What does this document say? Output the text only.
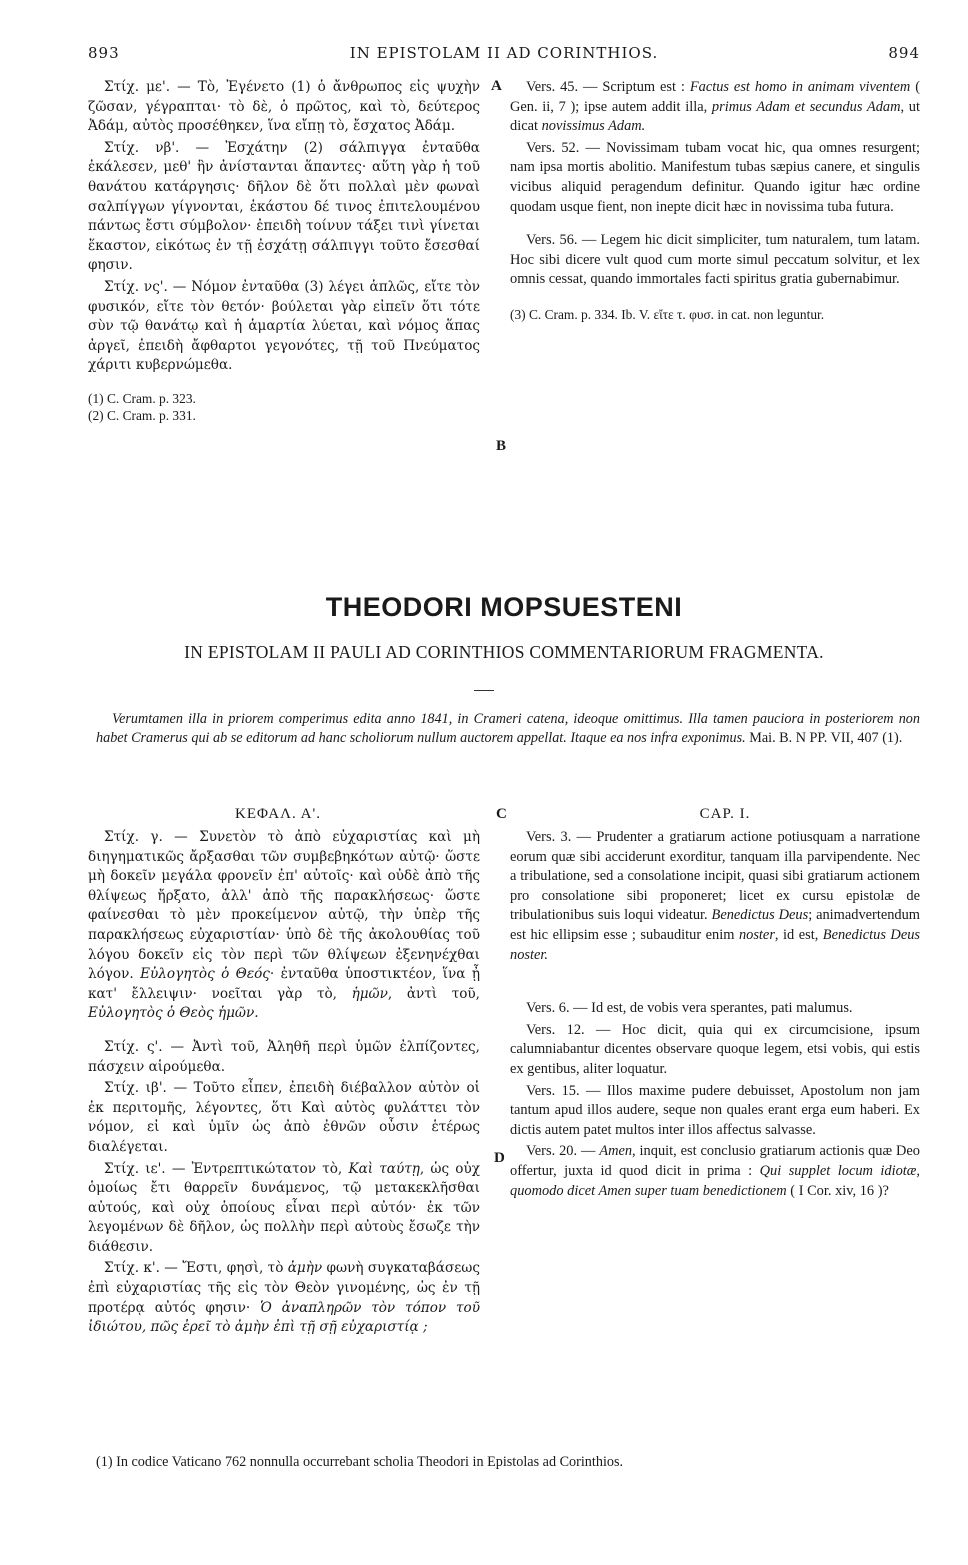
893	IN EPISTOLAM II AD CORINTHIOS.	894

Στίχ. με'. — Τὸ, Ἐγένετο (1) ὁ ἄνθρωπος εἰς ψυχὴν ζῶσαν, γέγραπται· τὸ δὲ, ὁ πρῶτος, καὶ τὸ, δεύτερος Ἀδάμ, αὐτὸς προσέθηκεν, ἵνα εἴπῃ τὸ, ἔσχατος Ἀδάμ.

Στίχ. νβ'. — Ἐσχάτην (2) σάλπιγγα ἐνταῦθα ἐκάλεσεν, μεθ' ἣν ἀνίστανται ἅπαντες· αὕτη γὰρ ἡ τοῦ θανάτου κατάργησις· δῆλον δὲ ὅτι πολλαὶ μὲν φωναὶ σαλπίγγων γίγνονται, ἑκάστου δέ τινος ἐπιτελουμένου πάντως ἔστι σύμβολον· ἐπειδὴ τοίνυν τάξει τινὶ γίνεται ἕκαστον, εἰκότως ἐν τῇ ἐσχάτῃ σάλπιγγι τοῦτο ἔσεσθαί φησιν.

Στίχ. νς'. — Νόμον ἐνταῦθα (3) λέγει ἁπλῶς, εἴτε τὸν φυσικόν, εἴτε τὸν θετόν· βούλεται γὰρ εἰπεῖν ὅτι τότε σὺν τῷ θανάτῳ καὶ ἡ ἁμαρτία λύεται, καὶ νόμος ἅπας ἀργεῖ, ἐπειδὴ ἄφθαρτοι γεγονότες, τῇ τοῦ Πνεύματος χάριτι κυβερνώμεθα.

(1) C. Cram. p. 323.
(2) C. Cram. p. 331.
A
B

Vers. 45. — Scriptum est : Factus est homo in animam viventem ( Gen. ii, 7 ); ipse autem addit illa, primus Adam et secundus Adam, ut dicat novissimus Adam.

Vers. 52. — Novissimam tubam vocat hic, qua omnes resurgent; nam ipsa mortis abolitio. Manifestum tubas sæpius canere, et singulis vicibus aliquid peragendum definitur. Quando igitur hæc ordine quodam usque fient, non inepte dicit hæc in novissima tuba futura.

Vers. 56. — Legem hic dicit simpliciter, tum naturalem, tum latam. Hoc sibi dicere vult quod cum morte simul peccatum solvitur, et lex omnis cessat, quando immortales facti spiritus gratia gubernabimur.

(3) C. Cram. p. 334. Ib. V. εἴτε τ. φυσ. in cat. non leguntur.
THEODORI MOPSUESTENI
IN EPISTOLAM II PAULI AD CORINTHIOS COMMENTARIORUM FRAGMENTA.
Verumtamen illa in priorem comperimus edita anno 1841, in Crameri catena, ideoque omittimus. Illa tamen pauciora in posteriorem non habet Cramerus qui ab se editorum ad hanc scholiorum nullum auctorem appellat. Itaque ea nos infra exponimus. Mai. B. N PP. VII, 407 (1).
ΚΕΦΑΛ. Α'.	C	CAP. I.

Στίχ. γ. — Συνετὸν τὸ ἀπὸ εὐχαριστίας καὶ μὴ διηγηματικῶς ἄρξασθαι τῶν συμβεβηκότων αὐτῷ· ὥστε μὴ δοκεῖν μεγάλα φρονεῖν ἐπ' αὐτοῖς· καὶ οὐδὲ ἀπὸ τῆς θλίψεως ἤρξατο, ἀλλ' ἀπὸ τῆς παρακλήσεως· ὥστε φαίνεσθαι τὸ μὲν προκείμενον αὐτῷ, τὴν ὑπὲρ τῆς παρακλήσεως εὐχαριστίαν· ὑπὸ δὲ τῆς ἀκολουθίας τοῦ λόγου δοκεῖν εἰς τὸν περὶ τῶν θλίψεων ἐξενηνέχθαι λόγον. Εὐλογητὸς ὁ Θεός· ἐνταῦθα ὑποστικτέον, ἵνα ᾖ κατ' ἔλλειψιν· νοεῖται γὰρ τὸ, ἡμῶν, ἀντὶ τοῦ, Εὐλογητὸς ὁ Θεὸς ἡμῶν.

Στίχ. ς'. — Ἀντὶ τοῦ, Ἀληθῆ περὶ ὑμῶν ἐλπίζοντες, πάσχειν αἱρούμεθα.

Στίχ. ιβ'. — Τοῦτο εἶπεν, ἐπειδὴ διέβαλλον αὐτὸν οἱ ἐκ περιτομῆς, λέγοντες, ὅτι Καὶ αὐτὸς φυλάττει τὸν νόμον, εἰ καὶ ὑμῖν ὡς ἀπὸ ἐθνῶν οὖσιν ἑτέρως διαλέγεται.

Στίχ. ιε'. — Ἐντρεπτικώτατον τὸ, Καὶ ταύτῃ, ὡς οὐχ ὁμοίως ἔτι θαρρεῖν δυνάμενος, τῷ μετακεκλῆσθαι αὐτούς, καὶ οὐχ ὁποίους εἶναι περὶ αὐτόν· ἐκ τῶν λεγομένων δὲ δῆλον, ὡς πολλὴν περὶ αὐτοὺς ἔσωζε τὴν διάθεσιν.

Στίχ. κ'. — Ἔστι, φησὶ, τὸ ἀμὴν φωνὴ συγκαταβάσεως ἐπὶ εὐχαριστίας τῆς εἰς τὸν Θεὸν γινομένης, ὡς ἐν τῇ προτέρᾳ αὐτός φησιν· Ὁ ἀναπληρῶν τὸν τόπον τοῦ ἰδιώτου, πῶς ἐρεῖ τὸ ἀμὴν ἐπὶ τῇ σῇ εὐχαριστίᾳ ;

D

Vers. 3. — Prudenter a gratiarum actione potiusquam a narratione eorum quæ sibi acciderunt exorditur, tanquam illa parvipendente. Nec a tribulatione, sed a consolatione incipit, quasi sibi gratiarum actionem pro consolatione sibi proponeret; licet ex cursu epistolæ de tribulationibus suis loqui videatur. Benedictus Deus; animadvertendum est hic ellipsim esse ; subauditur enim noster, id est, Benedictus Deus noster.

Vers. 6. — Id est, de vobis vera sperantes, pati malumus.

Vers. 12. — Hoc dicit, quia qui ex circumcisione, ipsum calumniabantur dicentes observare quoque legem, etsi vobis, qui estis ex gentibus, aliter loquatur.

Vers. 15. — Illos maxime pudere debuisset, Apostolum non jam tantum apud illos audere, seque non quales erant erga eum haberi. Ex dictis autem patet multos inter illos affectus salvasse.

Vers. 20. — Amen, inquit, est conclusio gratiarum actionis quæ Deo offertur, juxta id quod dicit in prima : Qui supplet locum idiotæ, quomodo dicet Amen super tuam benedictionem ( I Cor. xiv, 16 )?

(1) In codice Vaticano 762 nonnulla occurrebant scholia Theodori in Epistolas ad Corinthios.
